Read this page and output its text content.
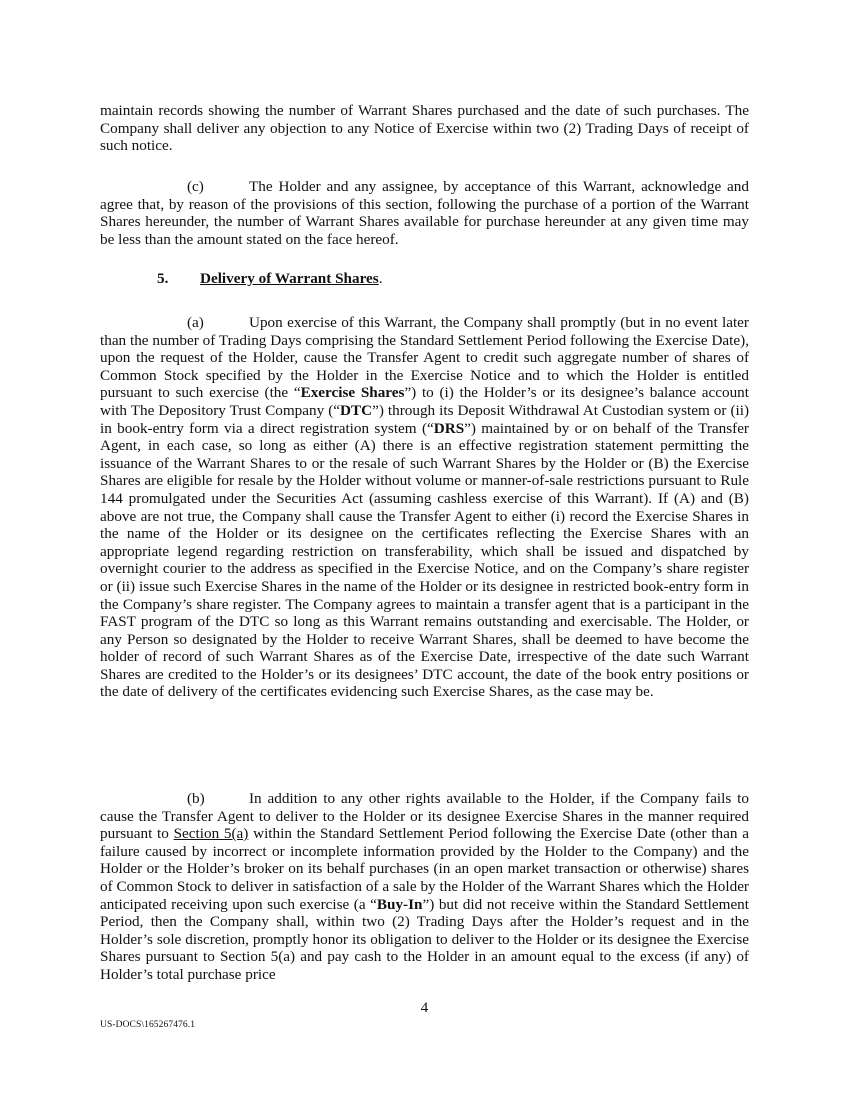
maintain records showing the number of Warrant Shares purchased and the date of such purchases. The Company shall deliver any objection to any Notice of Exercise within two (2) Trading Days of receipt of such notice.

(c)	The Holder and any assignee, by acceptance of this Warrant, acknowledge and agree that, by reason of the provisions of this section, following the purchase of a portion of the Warrant Shares hereunder, the number of Warrant Shares available for purchase hereunder at any given time may be less than the amount stated on the face hereof.

5. Delivery of Warrant Shares.

(a)	Upon exercise of this Warrant, the Company shall promptly (but in no event later than the number of Trading Days comprising the Standard Settlement Period following the Exercise Date), upon the request of the Holder, cause the Transfer Agent to credit such aggregate number of shares of Common Stock specified by the Holder in the Exercise Notice and to which the Holder is entitled pursuant to such exercise (the “Exercise Shares”) to (i) the Holder’s or its designee’s balance account with The Depository Trust Company (“DTC”) through its Deposit Withdrawal At Custodian system or (ii) in book-entry form via a direct registration system (“DRS”) maintained by or on behalf of the Transfer Agent, in each case, so long as either (A) there is an effective registration statement permitting the issuance of the Warrant Shares to or the resale of such Warrant Shares by the Holder or (B) the Exercise Shares are eligible for resale by the Holder without volume or manner-of-sale restrictions pursuant to Rule 144 promulgated under the Securities Act (assuming cashless exercise of this Warrant). If (A) and (B) above are not true, the Company shall cause the Transfer Agent to either (i) record the Exercise Shares in the name of the Holder or its designee on the certificates reflecting the Exercise Shares with an appropriate legend regarding restriction on transferability, which shall be issued and dispatched by overnight courier to the address as specified in the Exercise Notice, and on the Company’s share register or (ii) issue such Exercise Shares in the name of the Holder or its designee in restricted book-entry form in the Company’s share register. The Company agrees to maintain a transfer agent that is a participant in the FAST program of the DTC so long as this Warrant remains outstanding and exercisable. The Holder, or any Person so designated by the Holder to receive Warrant Shares, shall be deemed to have become the holder of record of such Warrant Shares as of the Exercise Date, irrespective of the date such Warrant Shares are credited to the Holder’s or its designees’ DTC account, the date of the book entry positions or the date of delivery of the certificates evidencing such Exercise Shares, as the case may be.

(b)	In addition to any other rights available to the Holder, if the Company fails to cause the Transfer Agent to deliver to the Holder or its designee Exercise Shares in the manner required pursuant to Section 5(a) within the Standard Settlement Period following the Exercise Date (other than a failure caused by incorrect or incomplete information provided by the Holder to the Company) and the Holder or the Holder’s broker on its behalf purchases (in an open market transaction or otherwise) shares of Common Stock to deliver in satisfaction of a sale by the Holder of the Warrant Shares which the Holder anticipated receiving upon such exercise (a “Buy-In”) but did not receive within the Standard Settlement Period, then the Company shall, within two (2) Trading Days after the Holder’s request and in the Holder’s sole discretion, promptly honor its obligation to deliver to the Holder or its designee the Exercise Shares pursuant to Section 5(a) and pay cash to the Holder in an amount equal to the excess (if any) of Holder’s total purchase price

4
US-DOCS\165267476.1
